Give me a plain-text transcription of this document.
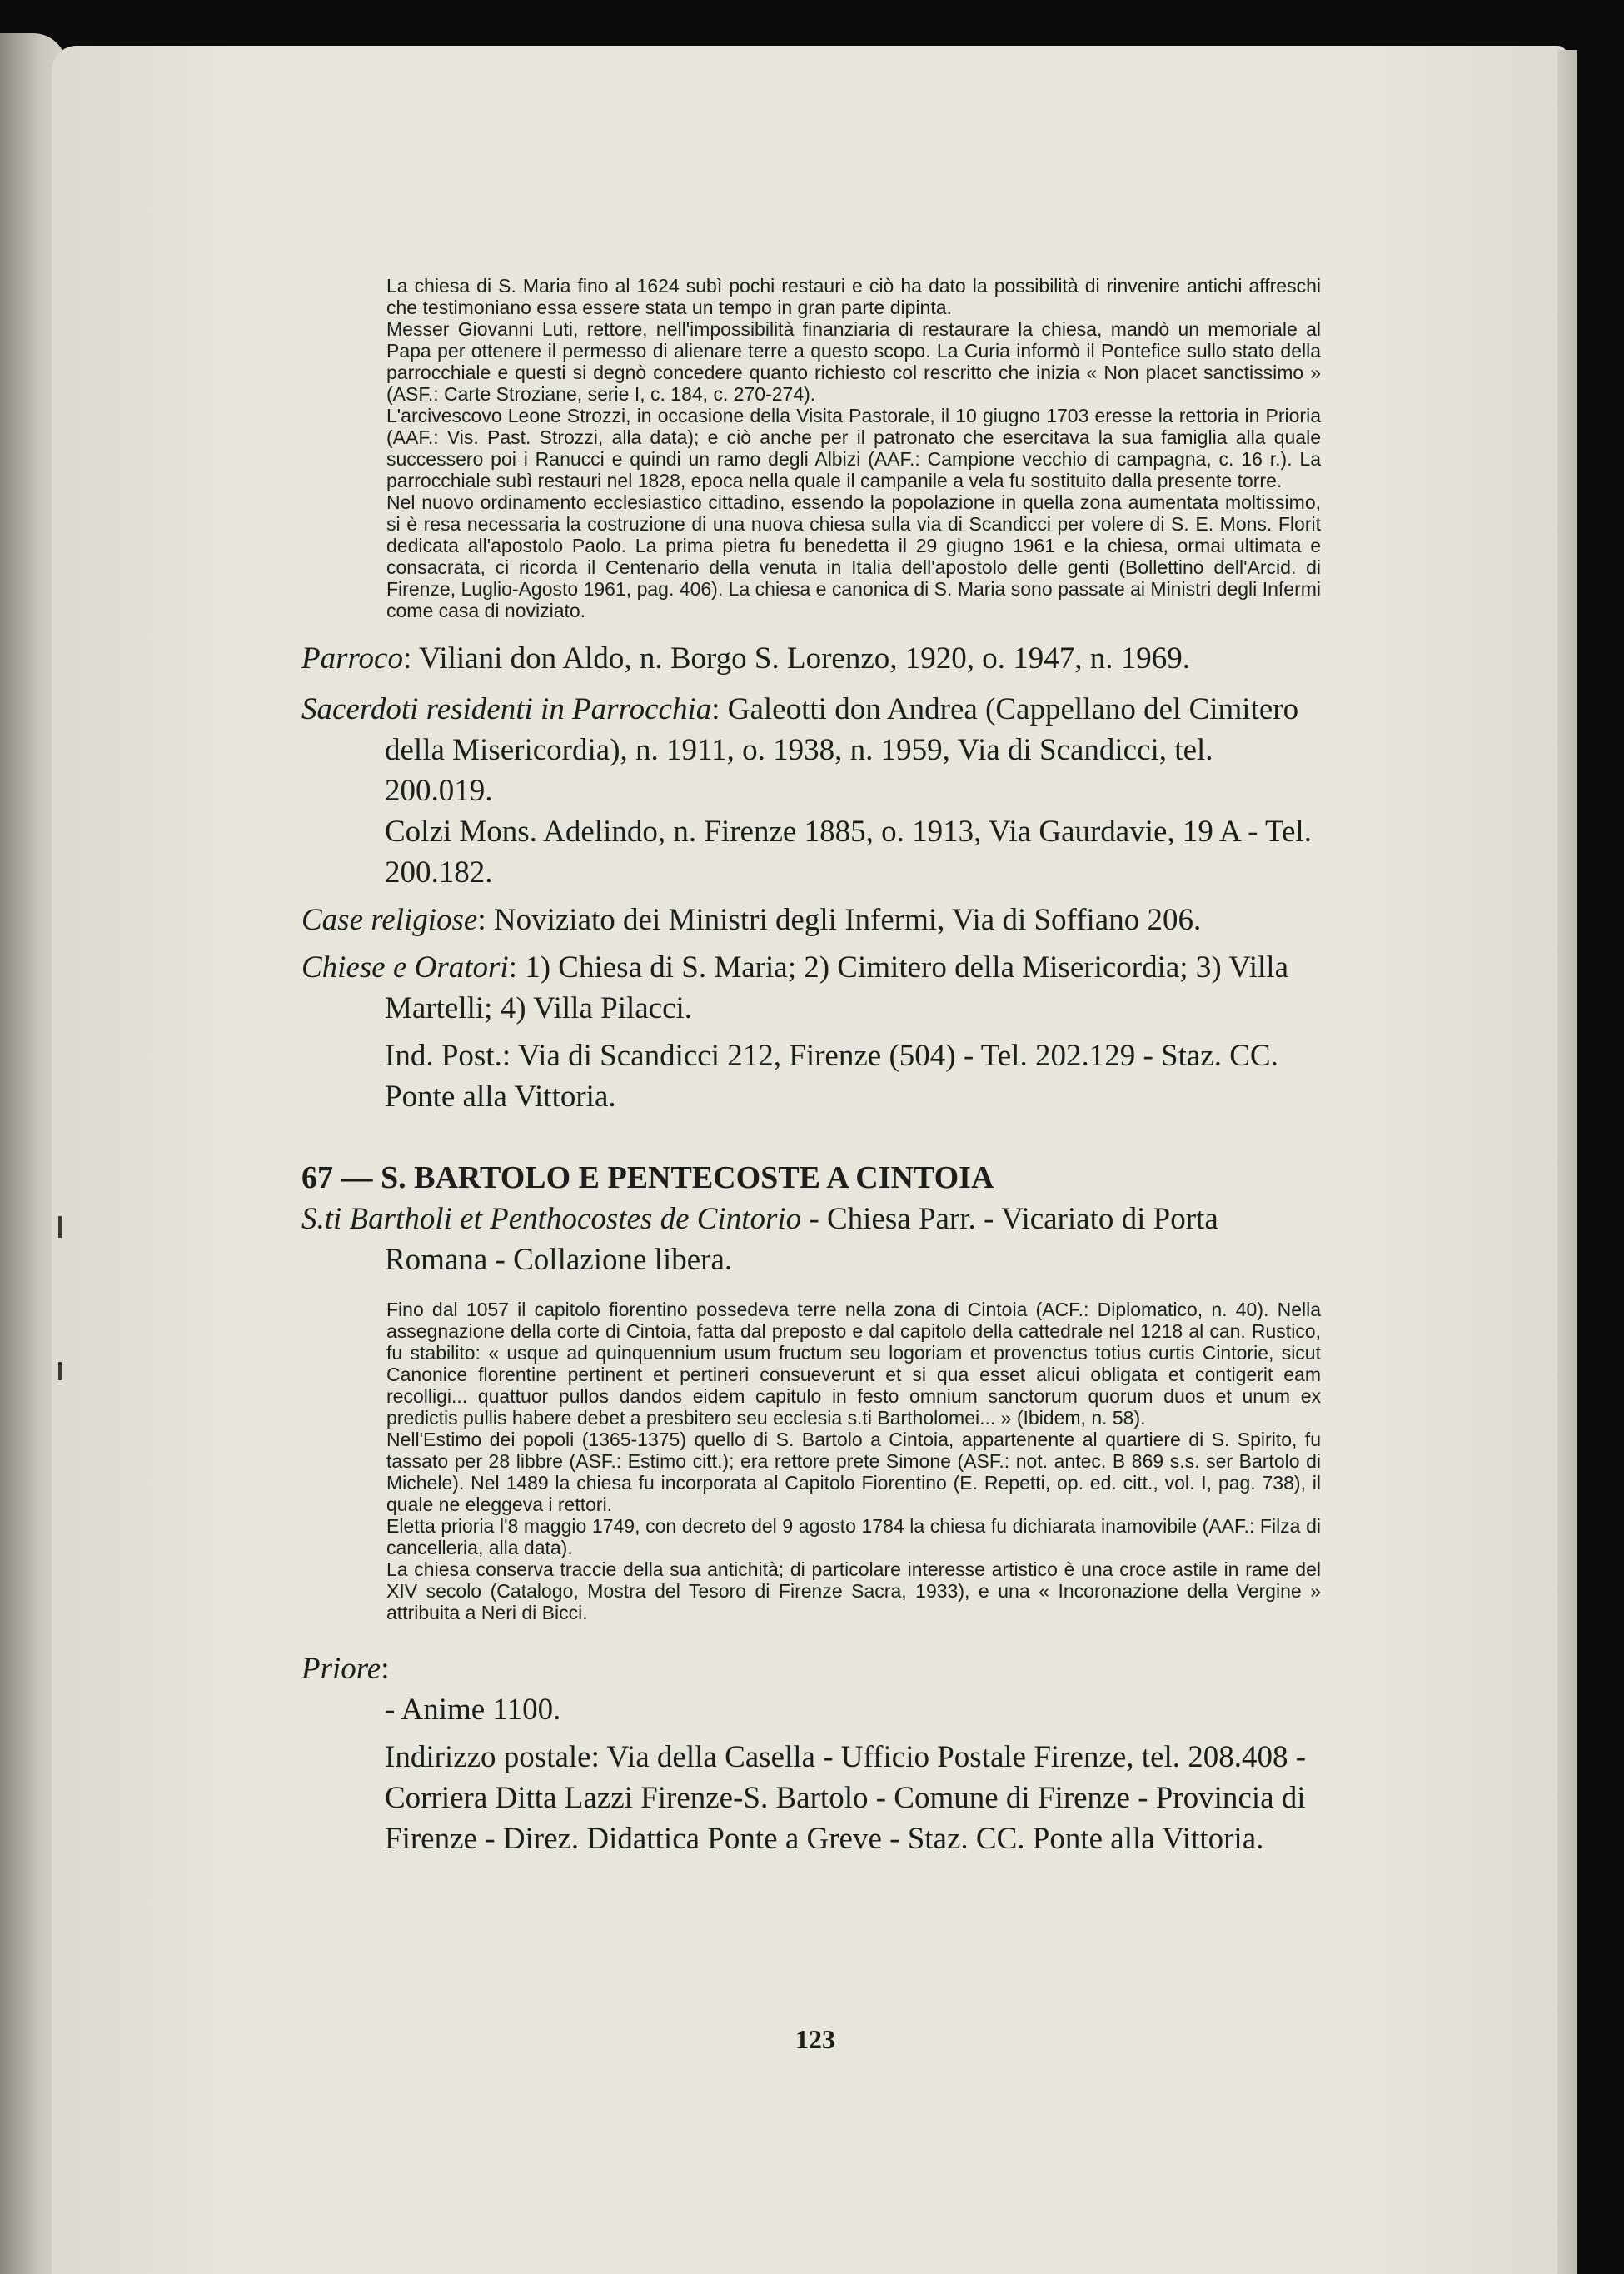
La chiesa di S. Maria fino al 1624 subì pochi restauri e ciò ha dato la possibilità di rinvenire antichi affreschi che testimoniano essa essere stata un tempo in gran parte dipinta.

Messer Giovanni Luti, rettore, nell'impossibilità finanziaria di restaurare la chiesa, mandò un memoriale al Papa per ottenere il permesso di alienare terre a questo scopo. La Curia informò il Pontefice sullo stato della parrocchiale e questi si degnò concedere quanto richiesto col rescritto che inizia « Non placet sanctissimo » (ASF.: Carte Stroziane, serie I, c. 184, c. 270-274).

L'arcivescovo Leone Strozzi, in occasione della Visita Pastorale, il 10 giugno 1703 eresse la rettoria in Prioria (AAF.: Vis. Past. Strozzi, alla data); e ciò anche per il patronato che esercitava la sua famiglia alla quale successero poi i Ranucci e quindi un ramo degli Albizi (AAF.: Campione vecchio di campagna, c. 16 r.). La parrocchiale subì restauri nel 1828, epoca nella quale il campanile a vela fu sostituito dalla presente torre.

Nel nuovo ordinamento ecclesiastico cittadino, essendo la popolazione in quella zona aumentata moltissimo, si è resa necessaria la costruzione di una nuova chiesa sulla via di Scandicci per volere di S. E. Mons. Florit dedicata all'apostolo Paolo. La prima pietra fu benedetta il 29 giugno 1961 e la chiesa, ormai ultimata e consacrata, ci ricorda il Centenario della venuta in Italia dell'apostolo delle genti (Bollettino dell'Arcid. di Firenze, Luglio-Agosto 1961, pag. 406). La chiesa e canonica di S. Maria sono passate ai Ministri degli Infermi come casa di noviziato.

Parroco: Viliani don Aldo, n. Borgo S. Lorenzo, 1920, o. 1947, n. 1969.

Sacerdoti residenti in Parrocchia: Galeotti don Andrea (Cappellano del Cimitero della Misericordia), n. 1911, o. 1938, n. 1959, Via di Scandicci, tel. 200.019.

Colzi Mons. Adelindo, n. Firenze 1885, o. 1913, Via Gaurdavie, 19 A - Tel. 200.182.

Case religiose: Noviziato dei Ministri degli Infermi, Via di Soffiano 206.

Chiese e Oratori: 1) Chiesa di S. Maria; 2) Cimitero della Misericordia; 3) Villa Martelli; 4) Villa Pilacci.

Ind. Post.: Via di Scandicci 212, Firenze (504) - Tel. 202.129 - Staz. CC. Ponte alla Vittoria.

67 — S. BARTOLO E PENTECOSTE A CINTOIA

S.ti Bartholi et Penthocostes de Cintorio - Chiesa Parr. - Vicariato di Porta Romana - Collazione libera.

Fino dal 1057 il capitolo fiorentino possedeva terre nella zona di Cintoia (ACF.: Diplomatico, n. 40). Nella assegnazione della corte di Cintoia, fatta dal preposto e dal capitolo della cattedrale nel 1218 al can. Rustico, fu stabilito: « usque ad quinquennium usum fructum seu logoriam et provenctus totius curtis Cintorie, sicut Canonice florentine pertinent et pertineri consueverunt et si qua esset alicui obligata et contigerit eam recolligi... quattuor pullos dandos eidem capitulo in festo omnium sanctorum quorum duos et unum ex predictis pullis habere debet a presbitero seu ecclesia s.ti Bartholomei... » (Ibidem, n. 58).

Nell'Estimo dei popoli (1365-1375) quello di S. Bartolo a Cintoia, appartenente al quartiere di S. Spirito, fu tassato per 28 libbre (ASF.: Estimo citt.); era rettore prete Simone (ASF.: not. antec. B 869 s.s. ser Bartolo di Michele). Nel 1489 la chiesa fu incorporata al Capitolo Fiorentino (E. Repetti, op. ed. citt., vol. I, pag. 738), il quale ne eleggeva i rettori.

Eletta prioria l'8 maggio 1749, con decreto del 9 agosto 1784 la chiesa fu dichiarata inamovibile (AAF.: Filza di cancelleria, alla data).

La chiesa conserva traccie della sua antichità; di particolare interesse artistico è una croce astile in rame del XIV secolo (Catalogo, Mostra del Tesoro di Firenze Sacra, 1933), e una « Incoronazione della Vergine » attribuita a Neri di Bicci.

Priore:

- Anime 1100.

Indirizzo postale: Via della Casella - Ufficio Postale Firenze, tel. 208.408 - Corriera Ditta Lazzi Firenze-S. Bartolo - Comune di Firenze - Provincia di Firenze - Direz. Didattica Ponte a Greve - Staz. CC. Ponte alla Vittoria.

123
